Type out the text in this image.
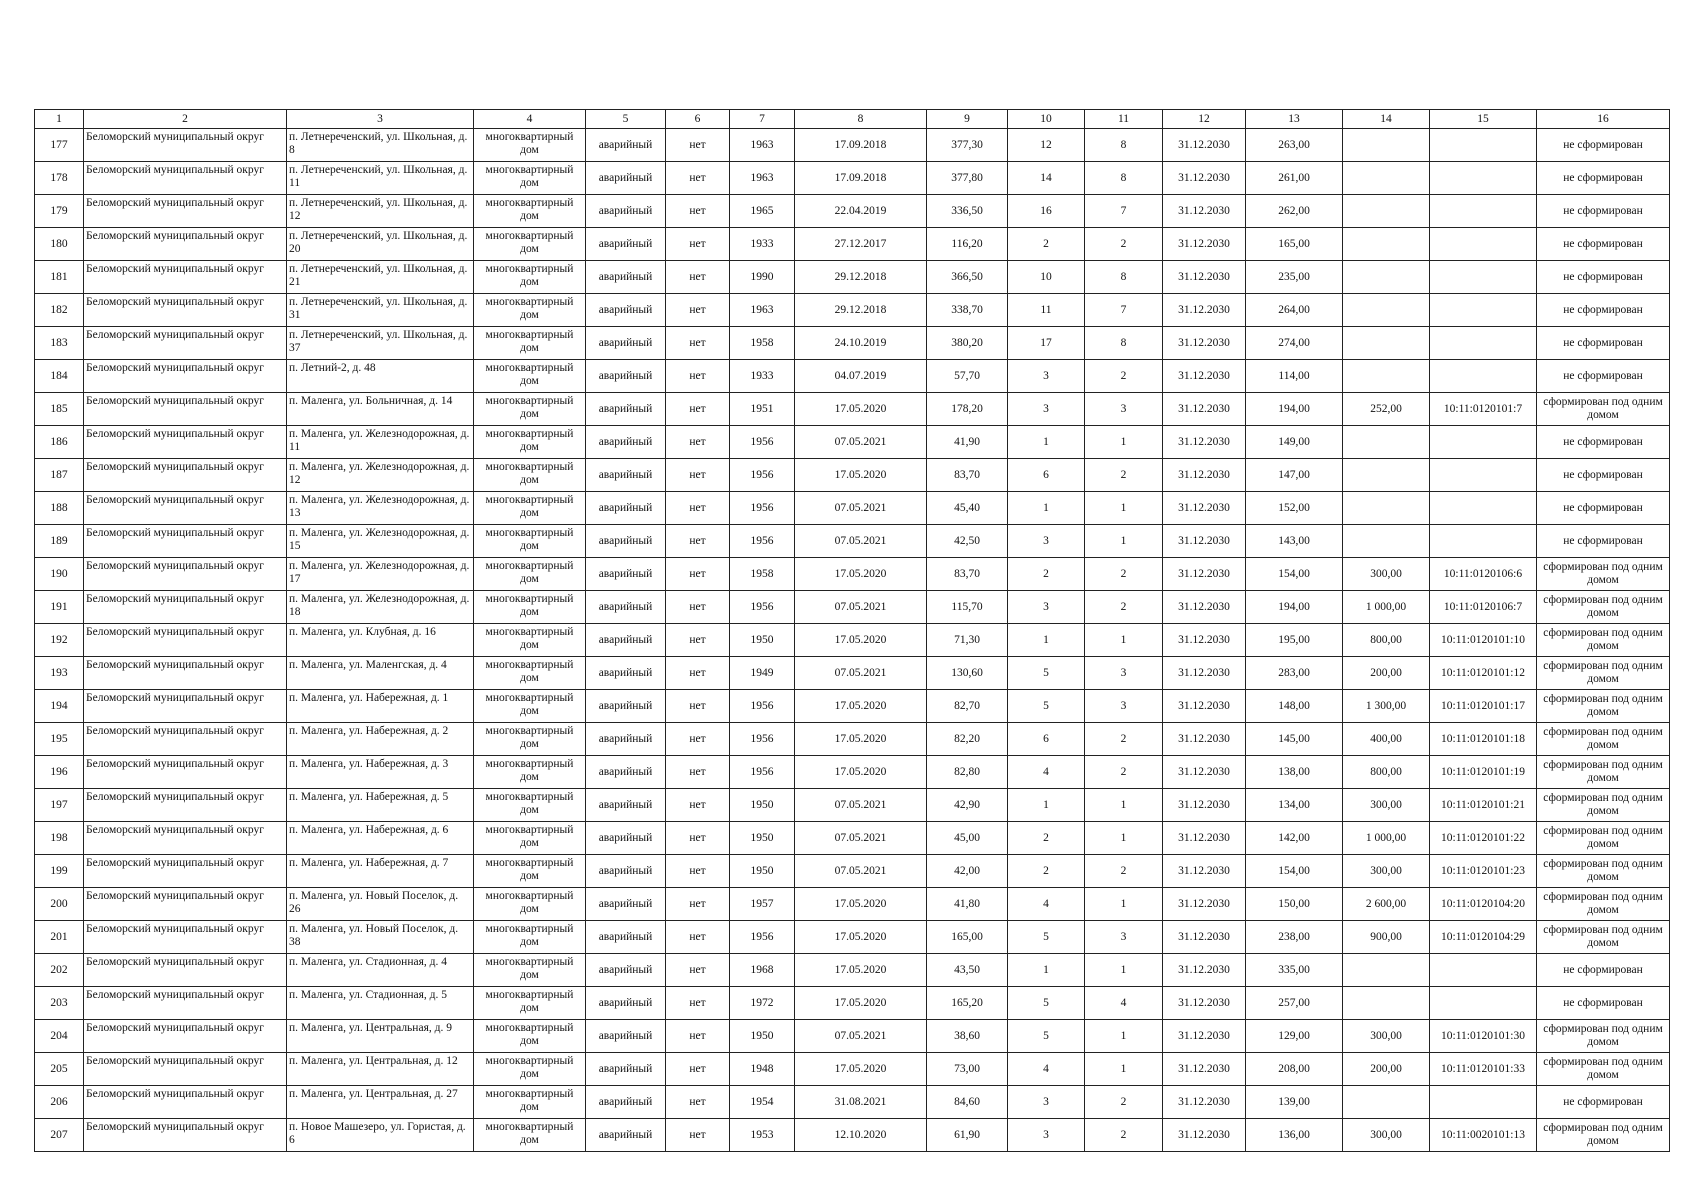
1	2	3	4	5	6	7	8	9	10	11	12	13	14	15	16
177	Беломорский муниципальный округ	п. Летнереченский, ул. Школьная, д. 8	многоквартирный дом	аварийный	нет	1963	17.09.2018	377,30	12	8	31.12.2030	263,00			не сформирован
178	Беломорский муниципальный округ	п. Летнереченский, ул. Школьная, д. 11	многоквартирный дом	аварийный	нет	1963	17.09.2018	377,80	14	8	31.12.2030	261,00			не сформирован
179	Беломорский муниципальный округ	п. Летнереченский, ул. Школьная, д. 12	многоквартирный дом	аварийный	нет	1965	22.04.2019	336,50	16	7	31.12.2030	262,00			не сформирован
180	Беломорский муниципальный округ	п. Летнереченский, ул. Школьная, д. 20	многоквартирный дом	аварийный	нет	1933	27.12.2017	116,20	2	2	31.12.2030	165,00			не сформирован
181	Беломорский муниципальный округ	п. Летнереченский, ул. Школьная, д. 21	многоквартирный дом	аварийный	нет	1990	29.12.2018	366,50	10	8	31.12.2030	235,00			не сформирован
182	Беломорский муниципальный округ	п. Летнереченский, ул. Школьная, д. 31	многоквартирный дом	аварийный	нет	1963	29.12.2018	338,70	11	7	31.12.2030	264,00			не сформирован
183	Беломорский муниципальный округ	п. Летнереченский, ул. Школьная, д. 37	многоквартирный дом	аварийный	нет	1958	24.10.2019	380,20	17	8	31.12.2030	274,00			не сформирован
184	Беломорский муниципальный округ	п. Летний-2, д. 48	многоквартирный дом	аварийный	нет	1933	04.07.2019	57,70	3	2	31.12.2030	114,00			не сформирован
185	Беломорский муниципальный округ	п. Маленга, ул. Больничная, д. 14	многоквартирный дом	аварийный	нет	1951	17.05.2020	178,20	3	3	31.12.2030	194,00	252,00	10:11:0120101:7	сформирован под одним домом
186	Беломорский муниципальный округ	п. Маленга, ул. Железнодорожная, д. 11	многоквартирный дом	аварийный	нет	1956	07.05.2021	41,90	1	1	31.12.2030	149,00			не сформирован
187	Беломорский муниципальный округ	п. Маленга, ул. Железнодорожная, д. 12	многоквартирный дом	аварийный	нет	1956	17.05.2020	83,70	6	2	31.12.2030	147,00			не сформирован
188	Беломорский муниципальный округ	п. Маленга, ул. Железнодорожная, д. 13	многоквартирный дом	аварийный	нет	1956	07.05.2021	45,40	1	1	31.12.2030	152,00			не сформирован
189	Беломорский муниципальный округ	п. Маленга, ул. Железнодорожная, д. 15	многоквартирный дом	аварийный	нет	1956	07.05.2021	42,50	3	1	31.12.2030	143,00			не сформирован
190	Беломорский муниципальный округ	п. Маленга, ул. Железнодорожная, д. 17	многоквартирный дом	аварийный	нет	1958	17.05.2020	83,70	2	2	31.12.2030	154,00	300,00	10:11:0120106:6	сформирован под одним домом
191	Беломорский муниципальный округ	п. Маленга, ул. Железнодорожная, д. 18	многоквартирный дом	аварийный	нет	1956	07.05.2021	115,70	3	2	31.12.2030	194,00	1 000,00	10:11:0120106:7	сформирован под одним домом
192	Беломорский муниципальный округ	п. Маленга, ул. Клубная, д. 16	многоквартирный дом	аварийный	нет	1950	17.05.2020	71,30	1	1	31.12.2030	195,00	800,00	10:11:0120101:10	сформирован под одним домом
193	Беломорский муниципальный округ	п. Маленга, ул. Маленгская, д. 4	многоквартирный дом	аварийный	нет	1949	07.05.2021	130,60	5	3	31.12.2030	283,00	200,00	10:11:0120101:12	сформирован под одним домом
194	Беломорский муниципальный округ	п. Маленга, ул. Набережная, д. 1	многоквартирный дом	аварийный	нет	1956	17.05.2020	82,70	5	3	31.12.2030	148,00	1 300,00	10:11:0120101:17	сформирован под одним домом
195	Беломорский муниципальный округ	п. Маленга, ул. Набережная, д. 2	многоквартирный дом	аварийный	нет	1956	17.05.2020	82,20	6	2	31.12.2030	145,00	400,00	10:11:0120101:18	сформирован под одним домом
196	Беломорский муниципальный округ	п. Маленга, ул. Набережная, д. 3	многоквартирный дом	аварийный	нет	1956	17.05.2020	82,80	4	2	31.12.2030	138,00	800,00	10:11:0120101:19	сформирован под одним домом
197	Беломорский муниципальный округ	п. Маленга, ул. Набережная, д. 5	многоквартирный дом	аварийный	нет	1950	07.05.2021	42,90	1	1	31.12.2030	134,00	300,00	10:11:0120101:21	сформирован под одним домом
198	Беломорский муниципальный округ	п. Маленга, ул. Набережная, д. 6	многоквартирный дом	аварийный	нет	1950	07.05.2021	45,00	2	1	31.12.2030	142,00	1 000,00	10:11:0120101:22	сформирован под одним домом
199	Беломорский муниципальный округ	п. Маленга, ул. Набережная, д. 7	многоквартирный дом	аварийный	нет	1950	07.05.2021	42,00	2	2	31.12.2030	154,00	300,00	10:11:0120101:23	сформирован под одним домом
200	Беломорский муниципальный округ	п. Маленга, ул. Новый Поселок, д. 26	многоквартирный дом	аварийный	нет	1957	17.05.2020	41,80	4	1	31.12.2030	150,00	2 600,00	10:11:0120104:20	сформирован под одним домом
201	Беломорский муниципальный округ	п. Маленга, ул. Новый Поселок, д. 38	многоквартирный дом	аварийный	нет	1956	17.05.2020	165,00	5	3	31.12.2030	238,00	900,00	10:11:0120104:29	сформирован под одним домом
202	Беломорский муниципальный округ	п. Маленга, ул. Стадионная, д. 4	многоквартирный дом	аварийный	нет	1968	17.05.2020	43,50	1	1	31.12.2030	335,00			не сформирован
203	Беломорский муниципальный округ	п. Маленга, ул. Стадионная, д. 5	многоквартирный дом	аварийный	нет	1972	17.05.2020	165,20	5	4	31.12.2030	257,00			не сформирован
204	Беломорский муниципальный округ	п. Маленга, ул. Центральная, д. 9	многоквартирный дом	аварийный	нет	1950	07.05.2021	38,60	5	1	31.12.2030	129,00	300,00	10:11:0120101:30	сформирован под одним домом
205	Беломорский муниципальный округ	п. Маленга, ул. Центральная, д. 12	многоквартирный дом	аварийный	нет	1948	17.05.2020	73,00	4	1	31.12.2030	208,00	200,00	10:11:0120101:33	сформирован под одним домом
206	Беломорский муниципальный округ	п. Маленга, ул. Центральная, д. 27	многоквартирный дом	аварийный	нет	1954	31.08.2021	84,60	3	2	31.12.2030	139,00			не сформирован
207	Беломорский муниципальный округ	п. Новое Машезеро, ул. Гористая, д. 6	многоквартирный дом	аварийный	нет	1953	12.10.2020	61,90	3	2	31.12.2030	136,00	300,00	10:11:0020101:13	сформирован под одним домом
